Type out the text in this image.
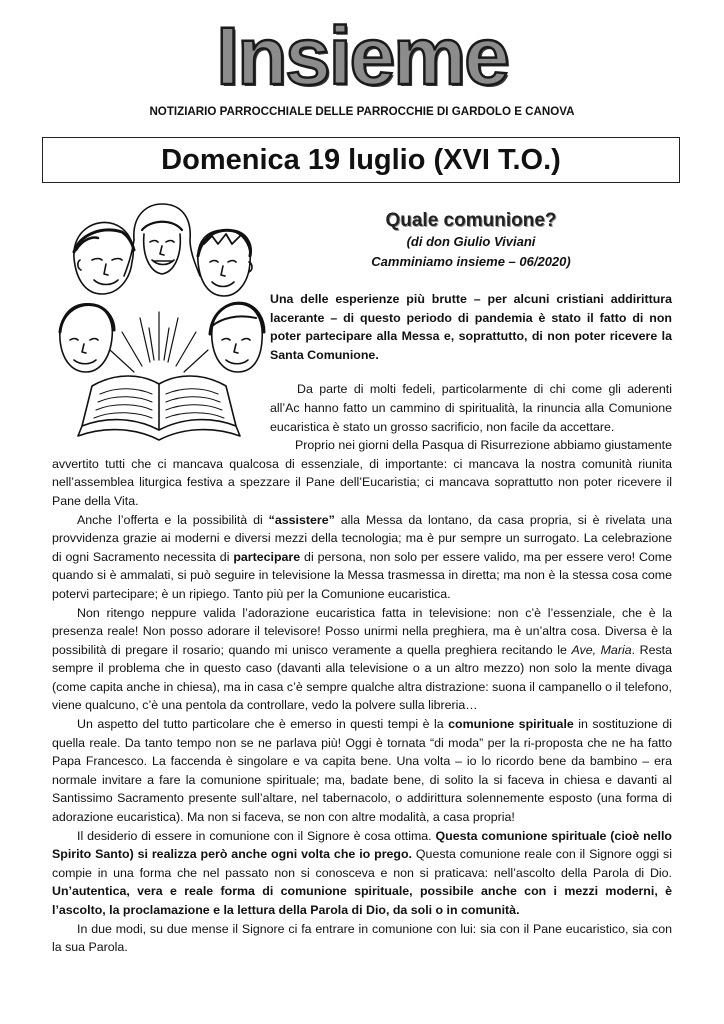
Insieme
NOTIZIARIO PARROCCHIALE DELLE PARROCCHIE DI GARDOLO E CANOVA
Domenica 19 luglio (XVI T.O.)
Quale comunione?
(di don Giulio Viviani
Camminiamo insieme – 06/2020)

Una delle esperienze più brutte – per alcuni cristiani addirittura lacerante – di questo periodo di pandemia è stato il fatto di non poter partecipare alla Messa e, soprattutto, di non poter ricevere la Santa Comunione.

Da parte di molti fedeli, particolarmente di chi come gli aderenti all’Ac hanno fatto un cammino di spiritualità, la rinuncia alla Comunione eucaristica è stato un grosso sacrificio, non facile da accettare.

Proprio nei giorni della Pasqua di Risurrezione abbiamo giustamente avvertito tutti che ci mancava qualcosa di essenziale, di importante: ci mancava la nostra comunità riunita nell’assemblea liturgica festiva a spezzare il Pane dell’Eucaristia; ci mancava soprattutto non poter ricevere il Pane della Vita.

Anche l’offerta e la possibilità di “assistere” alla Messa da lontano, da casa propria, si è rivelata una provvidenza grazie ai moderni e diversi mezzi della tecnologia; ma è pur sempre un surrogato. La celebrazione di ogni Sacramento necessita di partecipare di persona, non solo per essere valido, ma per essere vero! Come quando si è ammalati, si può seguire in televisione la Messa trasmessa in diretta; ma non è la stessa cosa come potervi partecipare; è un ripiego. Tanto più per la Comunione eucaristica.

Non ritengo neppure valida l’adorazione eucaristica fatta in televisione: non c’è l’essenziale, che è la presenza reale! Non posso adorare il televisore! Posso unirmi nella preghiera, ma è un’altra cosa. Diversa è la possibilità di pregare il rosario; quando mi unisco veramente a quella preghiera recitando le Ave, Maria. Resta sempre il problema che in questo caso (davanti alla televisione o a un altro mezzo) non solo la mente divaga (come capita anche in chiesa), ma in casa c’è sempre qualche altra distrazione: suona il campanello o il telefono, viene qualcuno, c’è una pentola da controllare, vedo la polvere sulla libreria…

Un aspetto del tutto particolare che è emerso in questi tempi è la comunione spirituale in sostituzione di quella reale. Da tanto tempo non se ne parlava più! Oggi è tornata “di moda” per la ri-proposta che ne ha fatto Papa Francesco. La faccenda è singolare e va capita bene. Una volta – io lo ricordo bene da bambino – era normale invitare a fare la comunione spirituale; ma, badate bene, di solito la si faceva in chiesa e davanti al Santissimo Sacramento presente sull’altare, nel tabernacolo, o addirittura solennemente esposto (una forma di adorazione eucaristica). Ma non si faceva, se non con altre modalità, a casa propria!

Il desiderio di essere in comunione con il Signore è cosa ottima. Questa comunione spirituale (cioè nello Spirito Santo) si realizza però anche ogni volta che io prego. Questa comunione reale con il Signore oggi si compie in una forma che nel passato non si conosceva e non si praticava: nell’ascolto della Parola di Dio. Un’autentica, vera e reale forma di comunione spirituale, possibile anche con i mezzi moderni, è l’ascolto, la proclamazione e la lettura della Parola di Dio, da soli o in comunità.

In due modi, su due mense il Signore ci fa entrare in comunione con lui: sia con il Pane eucaristico, sia con la sua Parola.
